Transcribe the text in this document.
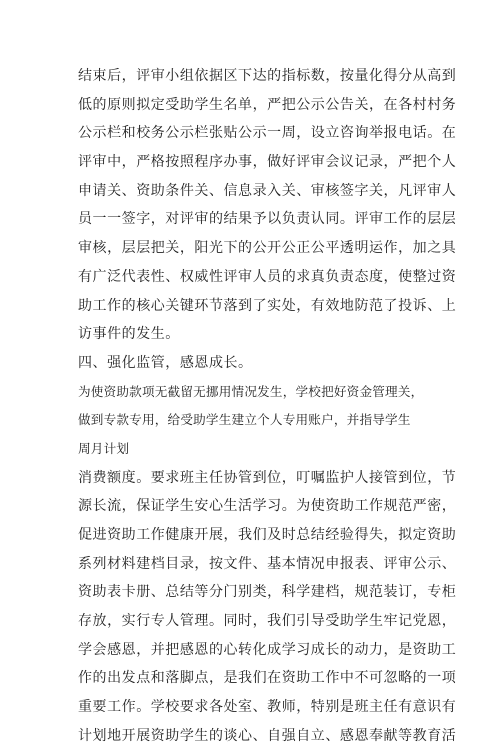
结束后，评审小组依据区下达的指标数，按量化得分从高到
低的原则拟定受助学生名单，严把公示公告关，在各村村务
公示栏和校务公示栏张贴公示一周，设立咨询举报电话。在
评审中，严格按照程序办事，做好评审会议记录，严把个人
申请关、资助条件关、信息录入关、审核签字关，凡评审人
员一一签字，对评审的结果予以负责认同。评审工作的层层
审核，层层把关，阳光下的公开公正公平透明运作，加之具
有广泛代表性、权威性评审人员的求真负责态度，使整过资
助工作的核心关键环节落到了实处，有效地防范了投诉、上
访事件的发生。
四、强化监管，感恩成长。
为使资助款项无截留无挪用情况发生，学校把好资金管理关，
做到专款专用，给受助学生建立个人专用账户，并指导学生
周月计划
消费额度。要求班主任协管到位，叮嘱监护人接管到位，节
源长流，保证学生安心生活学习。为使资助工作规范严密，
促进资助工作健康开展，我们及时总结经验得失，拟定资助
系列材料建档目录，按文件、基本情况申报表、评审公示、
资助表卡册、总结等分门别类，科学建档，规范装订，专柜
存放，实行专人管理。同时，我们引导受助学生牢记党恩，
学会感恩，并把感恩的心转化成学习成长的动力，是资助工
作的出发点和落脚点，是我们在资助工作中不可忽略的一项
重要工作。学校要求各处室、教师，特别是班主任有意识有
计划地开展资助学生的谈心、自强自立、感恩奉献等教育活
